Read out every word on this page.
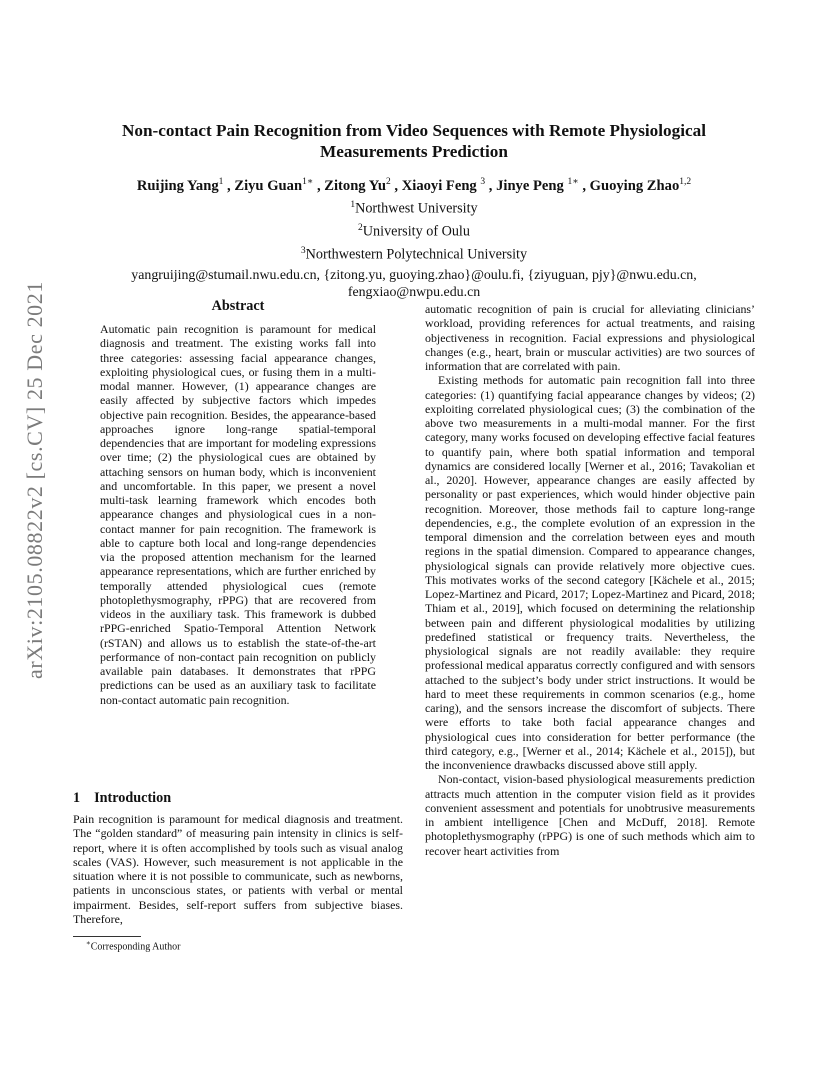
arXiv:2105.08822v2 [cs.CV] 25 Dec 2021
Non-contact Pain Recognition from Video Sequences with Remote Physiological
Measurements Prediction
Ruijing Yang$^1$ , Ziyu Guan$^{1∗}$ , Zitong Yu$^2$ , Xiaoyi Feng $^3$ , Jinye Peng $^{1∗}$ , Guoying Zhao$^{1,2}$
$^1$Northwest University
$^2$University of Oulu
$^3$Northwestern Polytechnical University
yangruijing@stumail.nwu.edu.cn, {zitong.yu, guoying.zhao}@oulu.fi, {ziyuguan, pjy}@nwu.edu.cn,
fengxiao@nwpu.edu.cn
Abstract

Automatic pain recognition is paramount for medical diagnosis and treatment. The existing works fall into three categories: assessing facial appearance changes, exploiting physiological cues, or fusing them in a multi-modal manner. However, (1) appearance changes are easily affected by subjective factors which impedes objective pain recognition. Besides, the appearance-based approaches ignore long-range spatial-temporal dependencies that are important for modeling expressions over time; (2) the physiological cues are obtained by attaching sensors on human body, which is inconvenient and uncomfortable. In this paper, we present a novel multi-task learning framework which encodes both appearance changes and physiological cues in a non-contact manner for pain recognition. The framework is able to capture both local and long-range dependencies via the proposed attention mechanism for the learned appearance representations, which are further enriched by temporally attended physiological cues (remote photoplethysmography, rPPG) that are recovered from videos in the auxiliary task. This framework is dubbed rPPG-enriched Spatio-Temporal Attention Network (rSTAN) and allows us to establish the state-of-the-art performance of non-contact pain recognition on publicly available pain databases. It demonstrates that rPPG predictions can be used as an auxiliary task to facilitate non-contact automatic pain recognition.

1 Introduction

Pain recognition is paramount for medical diagnosis and treatment. The “golden standard” of measuring pain intensity in clinics is self-report, where it is often accomplished by tools such as visual analog scales (VAS). However, such measurement is not applicable in the situation where it is not possible to communicate, such as newborns, patients in unconscious states, or patients with verbal or mental impairment. Besides, self-report suffers from subjective biases. Therefore,

automatic recognition of pain is crucial for alleviating clinicians’ workload, providing references for actual treatments, and raising objectiveness in recognition. Facial expressions and physiological changes (e.g., heart, brain or muscular activities) are two sources of information that are correlated with pain.

Existing methods for automatic pain recognition fall into three categories: (1) quantifying facial appearance changes by videos; (2) exploiting correlated physiological cues; (3) the combination of the above two measurements in a multi-modal manner. For the first category, many works focused on developing effective facial features to quantify pain, where both spatial information and temporal dynamics are considered locally [Werner et al., 2016; Tavakolian et al., 2020]. However, appearance changes are easily affected by personality or past experiences, which would hinder objective pain recognition. Moreover, those methods fail to capture long-range dependencies, e.g., the complete evolution of an expression in the temporal dimension and the correlation between eyes and mouth regions in the spatial dimension. Compared to appearance changes, physiological signals can provide relatively more objective cues. This motivates works of the second category [Kächele et al., 2015; Lopez-Martinez and Picard, 2017; Lopez-Martinez and Picard, 2018; Thiam et al., 2019], which focused on determining the relationship between pain and different physiological modalities by utilizing predefined statistical or frequency traits. Nevertheless, the physiological signals are not readily available: they require professional medical apparatus correctly configured and with sensors attached to the subject’s body under strict instructions. It would be hard to meet these requirements in common scenarios (e.g., home caring), and the sensors increase the discomfort of subjects. There were efforts to take both facial appearance changes and physiological cues into consideration for better performance (the third category, e.g., [Werner et al., 2014; Kächele et al., 2015]), but the inconvenience drawbacks discussed above still apply.

Non-contact, vision-based physiological measurements prediction attracts much attention in the computer vision field as it provides convenient assessment and potentials for unobtrusive measurements in ambient intelligence [Chen and McDuff, 2018]. Remote photoplethysmography (rPPG) is one of such methods which aim to recover heart activities from

∗Corresponding Author
